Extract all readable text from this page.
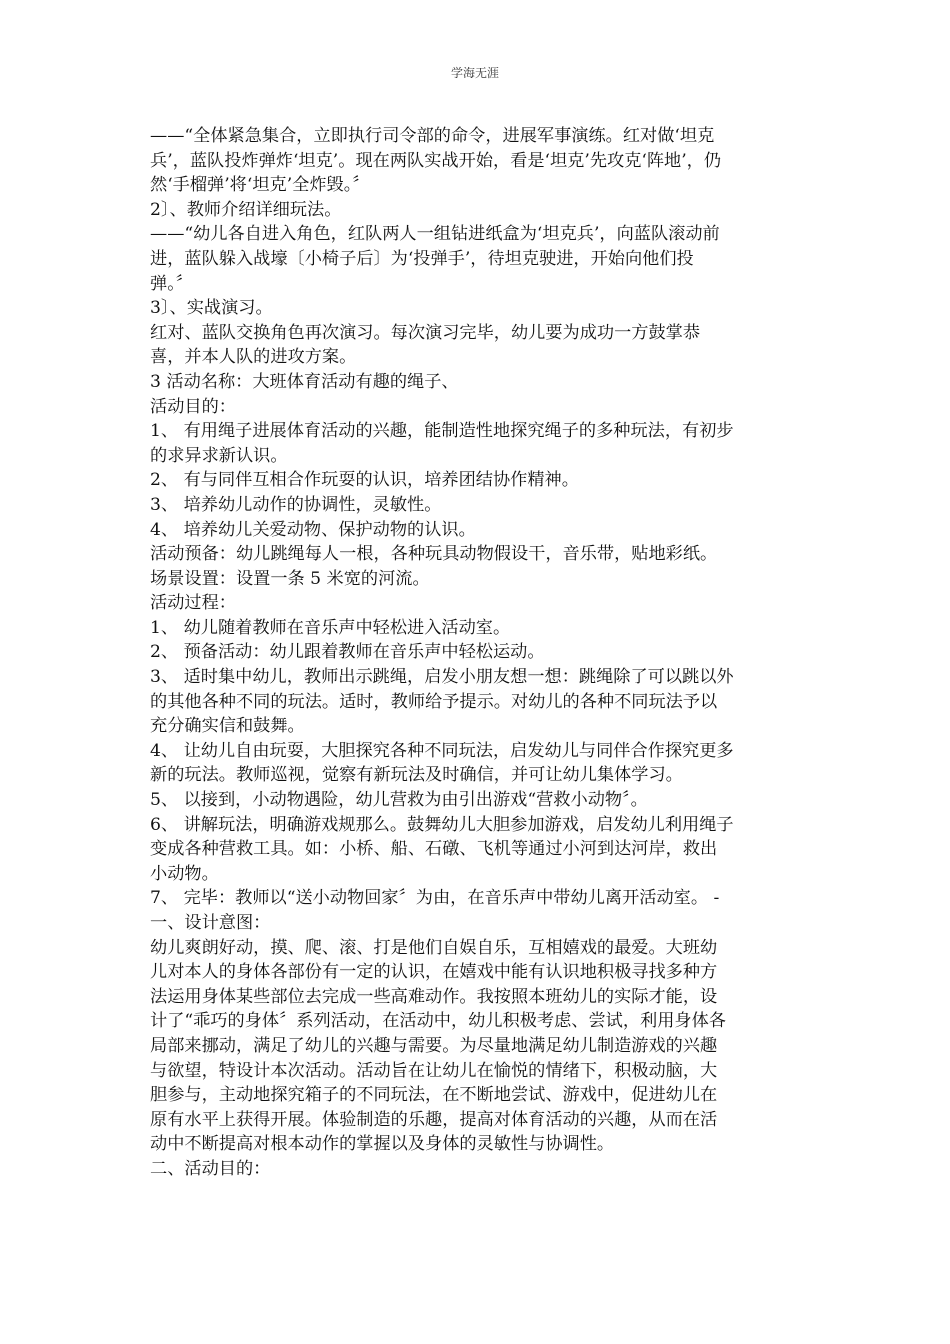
学海无涯

——“全体紧急集合，立即执行司令部的命令，进展军事演练。红对做‘坦克

兵’，蓝队投炸弹炸‘坦克’。现在两队实战开始，看是‘坦克’先攻克‘阵地’，仍

然‘手榴弹’将‘坦克’全炸毁。〞

2〕、教师介绍详细玩法。

——“幼儿各自进入角色，红队两人一组钻进纸盒为‘坦克兵’，向蓝队滚动前

进，蓝队躲入战壕〔小椅子后〕为‘投弹手’，待坦克驶进，开始向他们投

弹。〞

3〕、实战演习。

红对、蓝队交换角色再次演习。每次演习完毕，幼儿要为成功一方鼓掌恭

喜，并本人队的进攻方案。

3 活动名称：大班体育活动有趣的绳子、

活动目的：

1、 有用绳子进展体育活动的兴趣，能制造性地探究绳子的多种玩法，有初步

的求异求新认识。

2、 有与同伴互相合作玩耍的认识，培养团结协作精神。

3、 培养幼儿动作的协调性，灵敏性。

4、 培养幼儿关爱动物、保护动物的认识。

活动预备：幼儿跳绳每人一根，各种玩具动物假设干，音乐带，贴地彩纸。

场景设置：设置一条 5 米宽的河流。

活动过程：

1、 幼儿随着教师在音乐声中轻松进入活动室。

2、 预备活动：幼儿跟着教师在音乐声中轻松运动。

3、 适时集中幼儿，教师出示跳绳，启发小朋友想一想：跳绳除了可以跳以外

的其他各种不同的玩法。适时，教师给予提示。对幼儿的各种不同玩法予以

充分确实信和鼓舞。

4、 让幼儿自由玩耍，大胆探究各种不同玩法，启发幼儿与同伴合作探究更多

新的玩法。教师巡视，觉察有新玩法及时确信，并可让幼儿集体学习。

5、 以接到，小动物遇险，幼儿营救为由引出游戏“营救小动物〞。

6、 讲解玩法，明确游戏规那么。鼓舞幼儿大胆参加游戏，启发幼儿利用绳子

变成各种营救工具。如：小桥、船、石礅、飞机等通过小河到达河岸，救出

小动物。

7、 完毕：教师以“送小动物回家〞为由，在音乐声中带幼儿离开活动室。 -

一、设计意图：

幼儿爽朗好动，摸、爬、滚、打是他们自娱自乐，互相嬉戏的最爱。大班幼

儿对本人的身体各部份有一定的认识，在嬉戏中能有认识地积极寻找多种方

法运用身体某些部位去完成一些高难动作。我按照本班幼儿的实际才能，设

计了“乖巧的身体〞系列活动，在活动中，幼儿积极考虑、尝试，利用身体各

局部来挪动，满足了幼儿的兴趣与需要。为尽量地满足幼儿制造游戏的兴趣

与欲望，特设计本次活动。活动旨在让幼儿在愉悦的情绪下，积极动脑，大

胆参与，主动地探究箱子的不同玩法，在不断地尝试、游戏中，促进幼儿在

原有水平上获得开展。体验制造的乐趣，提高对体育活动的兴趣，从而在活

动中不断提高对根本动作的掌握以及身体的灵敏性与协调性。

二、活动目的：
